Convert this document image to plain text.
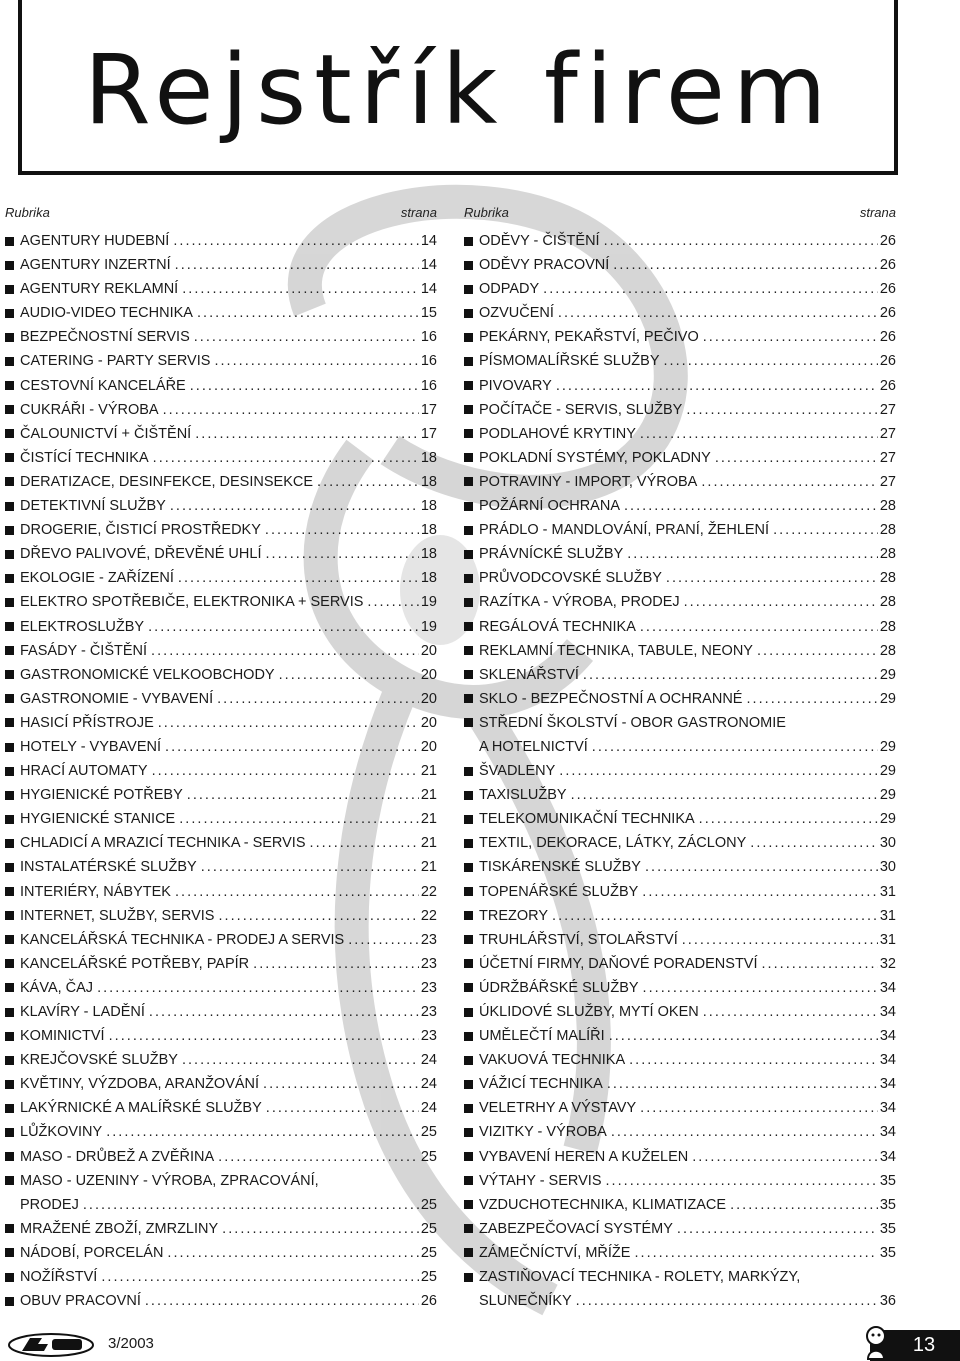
Rejstřík firem
Rubrika	strana
AGENTURY HUDEBNÍ . . .	14
AGENTURY INZERTNÍ . . .	14
AGENTURY REKLAMNÍ . . .	14
AUDIO-VIDEO TECHNIKA . . .	15
BEZPEČNOSTNÍ SERVIS . . .	16
CATERING - PARTY SERVIS . . .	16
CESTOVNÍ KANCELÁŘE . . .	16
CUKRÁŘI - VÝROBA . . .	17
ČALOUNICTVÍ + ČIŠTĚNÍ . . .	17
ČISTÍCÍ TECHNIKA . . .	18
DERATIZACE, DESINFEKCE, DESINSEKCE . . .	18
DETEKTIVNÍ SLUŽBY . . .	18
DROGERIE, ČISTICÍ PROSTŘEDKY . . .	18
DŘEVO PALIVOVÉ, DŘEVĚNÉ UHLÍ . . .	18
EKOLOGIE - ZAŘÍZENÍ . . .	18
ELEKTRO SPOTŘEBIČE, ELEKTRONIKA + SERVIS . . .	19
ELEKTROSLUŽBY . . .	19
FASÁDY - ČIŠTĚNÍ . . .	20
GASTRONOMICKÉ VELKOOBCHODY . . .	20
GASTRONOMIE - VYBAVENÍ . . .	20
HASICÍ PŘÍSTROJE . . .	20
HOTELY - VYBAVENÍ . . .	20
HRACÍ AUTOMATY . . .	21
HYGIENICKÉ POTŘEBY . . .	21
HYGIENICKÉ STANICE . . .	21
CHLADICÍ A MRAZICÍ TECHNIKA - SERVIS . . .	21
INSTALATÉRSKÉ SLUŽBY . . .	21
INTERIÉRY, NÁBYTEK . . .	22
INTERNET, SLUŽBY, SERVIS . . .	22
KANCELÁŘSKÁ TECHNIKA - PRODEJ A SERVIS . . .	23
KANCELÁŘSKÉ POTŘEBY, PAPÍR . . .	23
KÁVA, ČAJ . . .	23
KLAVÍRY - LADĚNÍ . . .	23
KOMINICTVÍ . . .	23
KREJČOVSKÉ SLUŽBY . . .	24
KVĚTINY, VÝZDOBA, ARANŽOVÁNÍ . . .	24
LAKÝRNICKÉ A MALÍŘSKÉ SLUŽBY . . .	24
LŮŽKOVINY . . .	25
MASO - DRŮBEŽ A ZVĚŘINA . . .	25
MASO - UZENINY - VÝROBA, ZPRACOVÁNÍ,
PRODEJ . . .	25
MRAŽENÉ ZBOŽÍ, ZMRZLINY . . .	25
NÁDOBÍ, PORCELÁN . . .	25
NOŽÍŘSTVÍ . . .	25
OBUV PRACOVNÍ . . .	26
Rubrika	strana
ODĚVY - ČIŠTĚNÍ . . .	26
ODĚVY PRACOVNÍ . . .	26
ODPADY . . .	26
OZVUČENÍ . . .	26
PEKÁRNY, PEKAŘSTVÍ, PEČIVO . . .	26
PÍSMOMALÍŘSKÉ SLUŽBY . . .	26
PIVOVARY . . .	26
POČÍTAČE - SERVIS, SLUŽBY . . .	27
PODLAHOVÉ KRYTINY . . .	27
POKLADNÍ SYSTÉMY, POKLADNY . . .	27
POTRAVINY - IMPORT, VÝROBA . . .	27
POŽÁRNÍ OCHRANA . . .	28
PRÁDLO - MANDLOVÁNÍ, PRANÍ, ŽEHLENÍ . . .	28
PRÁVNÍCKÉ SLUŽBY . . .	28
PRŮVODCOVSKÉ SLUŽBY . . .	28
RAZÍTKA - VÝROBA, PRODEJ . . .	28
REGÁLOVÁ TECHNIKA . . .	28
REKLAMNÍ TECHNIKA, TABULE, NEONY . . .	28
SKLENÁŘSTVÍ . . .	29
SKLO - BEZPEČNOSTNÍ A OCHRANNÉ . . .	29
STŘEDNÍ ŠKOLSTVÍ - OBOR GASTRONOMIE
A HOTELNICTVÍ . . .	29
ŠVADLENY . . .	29
TAXISLUŽBY . . .	29
TELEKOMUNIKAČNÍ TECHNIKA . . .	29
TEXTIL, DEKORACE, LÁTKY, ZÁCLONY . . .	30
TISKÁRENSKÉ SLUŽBY . . .	30
TOPENÁŘSKÉ SLUŽBY . . .	31
TREZORY . . .	31
TRUHLÁŘSTVÍ, STOLAŘSTVÍ . . .	31
ÚČETNÍ FIRMY, DAŇOVÉ PORADENSTVÍ . . .	32
ÚDRŽBÁŘSKÉ SLUŽBY . . .	34
ÚKLIDOVÉ SLUŽBY, MYTÍ OKEN . . .	34
UMĚLEČTÍ MALÍŘI . . .	34
VAKUOVÁ TECHNIKA . . .	34
VÁŽICÍ TECHNIKA . . .	34
VELETRHY A VÝSTAVY . . .	34
VIZITKY - VÝROBA . . .	34
VYBAVENÍ HEREN A KUŽELEN . . .	34
VÝTAHY - SERVIS . . .	35
VZDUCHOTECHNIKA, KLIMATIZACE . . .	35
ZABEZPEČOVACÍ SYSTÉMY . . .	35
ZÁMEČNÍCTVÍ, MŘÍŽE . . .	35
ZASTIŇOVACÍ TECHNIKA - ROLETY, MARKÝZY,
SLUNEČNÍKY . . .	36
3/2003	13
